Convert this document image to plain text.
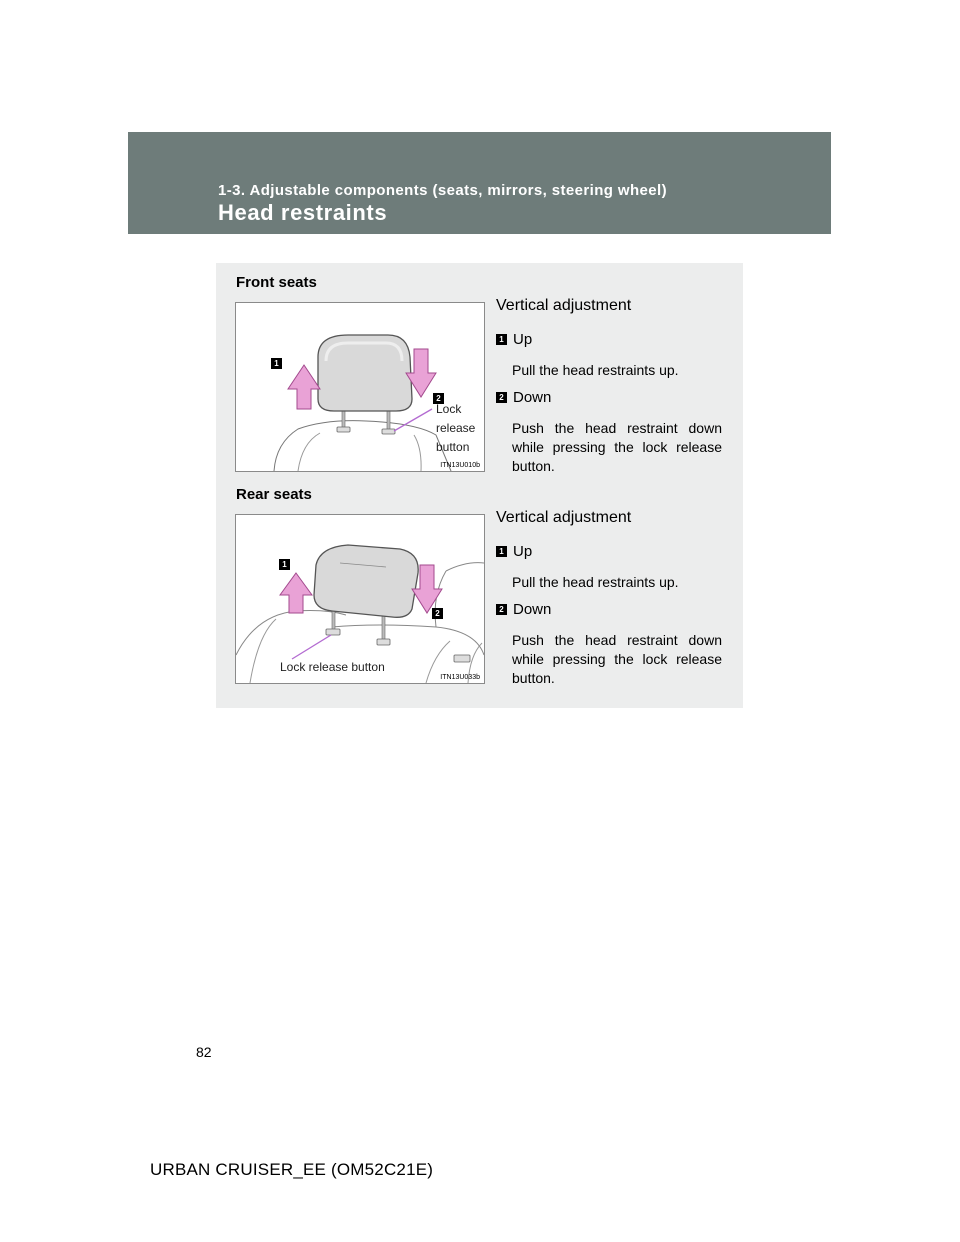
1-3. Adjustable components (seats, mirrors, steering wheel)
Head restraints
Front seats
1
2
Lock
release
button
ITN13U010b
Vertical adjustment
1 Up
Pull the head restraints up.
2 Down
Push the head restraint down while pressing the lock release button.
Rear seats
1
2
Lock release button
ITN13U033b
Vertical adjustment
1 Up
Pull the head restraints up.
2 Down
Push the head restraint down while pressing the lock release button.
82
URBAN CRUISER_EE (OM52C21E)
